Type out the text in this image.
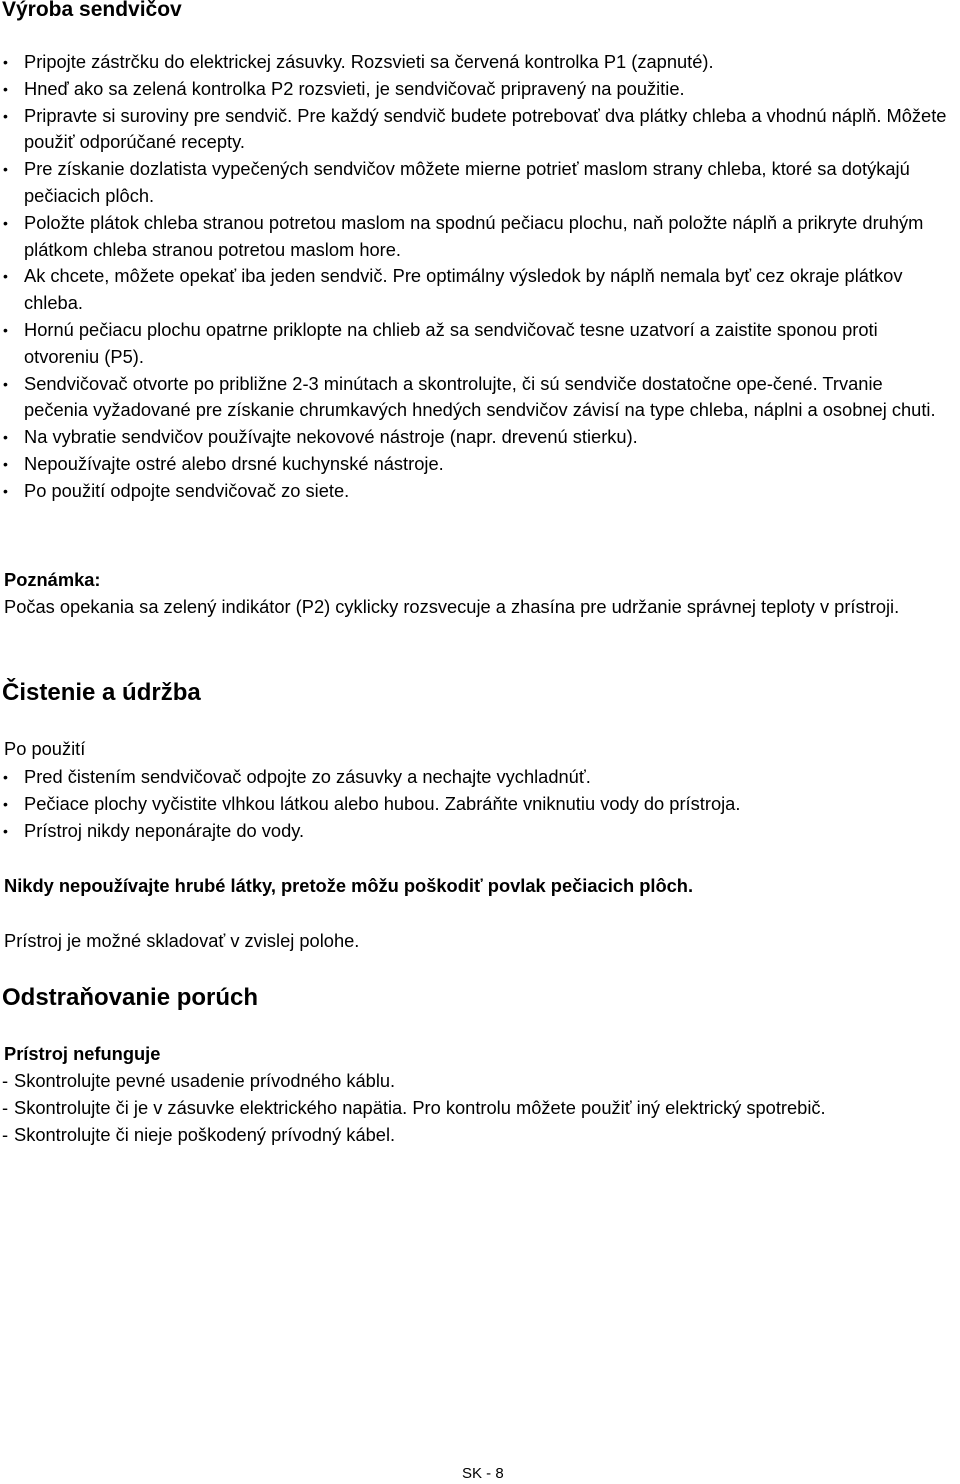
Výroba sendvičov
• Pripojte zástrčku do elektrickej zásuvky. Rozsvieti sa červená kontrolka P1 (zapnuté).
• Hneď ako sa zelená kontrolka P2 rozsvieti, je sendvičovač pripravený na použitie.
• Pripravte si suroviny pre sendvič. Pre každý sendvič budete potrebovať dva plátky chleba a vhodnú náplň. Môžete použiť odporúčané recepty.
• Pre získanie dozlatista vypečených sendvičov môžete mierne potrieť maslom strany chleba, ktoré sa dotýkajú pečiacich plôch.
• Položte plátok chleba stranou potretou maslom na spodnú pečiacu plochu, naň položte náplň a prikryte druhým plátkom chleba stranou potretou maslom hore.
• Ak chcete, môžete opekať iba jeden sendvič. Pre optimálny výsledok by náplň nemala byť cez okraje plátkov chleba.
• Hornú pečiacu plochu opatrne priklopte na chlieb až sa sendvičovač tesne uzatvorí a zaistite sponou proti otvoreniu (P5).
• Sendvičovač otvorte po približne 2-3 minútach a skontrolujte, či sú sendviče dostatočne ope-čené. Trvanie pečenia vyžadované pre získanie chrumkavých hnedých sendvičov závisí na type chleba, náplni a osobnej chuti.
• Na vybratie sendvičov používajte nekovové nástroje (napr. drevenú stierku).
• Nepoužívajte ostré alebo drsné kuchynské nástroje.
• Po použití odpojte sendvičovač zo siete.

Poznámka:

Počas opekania sa zelený indikátor (P2) cyklicky rozsvecuje a zhasína pre udržanie správnej teploty v prístroji.

Čistenie a údržba

Po použití

• Pred čistením sendvičovač odpojte zo zásuvky a nechajte vychladnúť.
• Pečiace plochy vyčistite vlhkou látkou alebo hubou. Zabráňte vniknutiu vody do prístroja.
• Prístroj nikdy neponárajte do vody.

Nikdy nepoužívajte hrubé látky, pretože môžu poškodiť povlak pečiacich plôch.

Prístroj je možné skladovať v zvislej polohe.

Odstraňovanie porúch

Prístroj nefunguje

- Skontrolujte pevné usadenie prívodného káblu.
- Skontrolujte či je v zásuvke elektrického napätia. Pro kontrolu môžete použiť iný elektrický spotrebič.
- Skontrolujte či nieje poškodený prívodný kábel.
SK - 8
